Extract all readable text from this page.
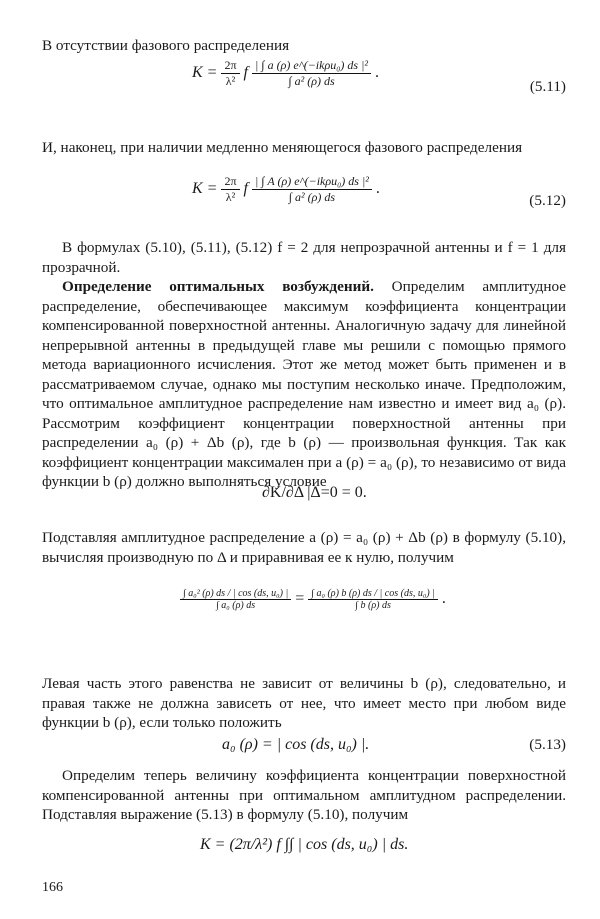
В отсутствии фазового распределения
$K = \frac{2\pi}{\text{λ²}}$ f $\frac{\text{| ∫ a (ρ) e\textasciicircum{}(−ikρu₀) ds |²}}{\text{∫ a² (ρ) ds}}$ .
(5.11)
И, наконец, при наличии медленно меняющегося фазового распределения
$K = \frac{2\pi}{\text{λ²}}$ f $\frac{\text{| ∫ A (ρ) e\textasciicircum{}(−ikρu₀) ds |²}}{\text{∫ a² (ρ) ds}}$ .
(5.12)
В формулах (5.10), (5.11), (5.12) f = 2 для непрозрачной антенны и f = 1 для прозрачной.
Определение оптимальных возбуждений. Определим амплитудное распределение, обеспечивающее максимум коэффициента концентрации компенсированной поверхностной антенны. Аналогичную задачу для линейной непрерывной антенны в предыдущей главе мы решили с помощью прямого метода вариационного исчисления. Этот же метод может быть применен и в рассматриваемом случае, однако мы поступим несколько иначе. Предположим, что оптимальное амплитудное распределение нам известно и имеет вид a₀ (ρ). Рассмотрим коэффициент концентрации поверхностной антенны при распределении a₀ (ρ) + Δb (ρ), где b (ρ) — произвольная функция. Так как коэффициент концентрации максимален при a (ρ) = a₀ (ρ), то независимо от вида функции b (ρ) должно выполняться условие
∂K/∂Δ |Δ=0 = 0.
Подставляя амплитудное распределение a (ρ) = a₀ (ρ) + Δb (ρ) в формулу (5.10), вычисляя производную по Δ и приравнивая ее к нулю, получим
$\frac{\text{∫ a₀² (ρ) ds / | cos (ds, u₀) |}}{\text{∫ a₀ (ρ) ds}} = \frac{\text{∫ a₀ (ρ) b (ρ) ds / | cos (ds, u₀) |}}{\int b (\rho) ds}$ .
Левая часть этого равенства не зависит от величины b (ρ), следовательно, и правая также не должна зависеть от нее, что имеет место при любом виде функции b (ρ), если только положить
a₀ (ρ) = | cos (ds, u₀) |.	(5.13)
Определим теперь величину коэффициента концентрации поверхностной компенсированной антенны при оптимальном амплитудном распределении. Подставляя выражение (5.13) в формулу (5.10), получим
K = (2π/λ²) f ∫∫ | cos (ds, u₀) | ds.
166
